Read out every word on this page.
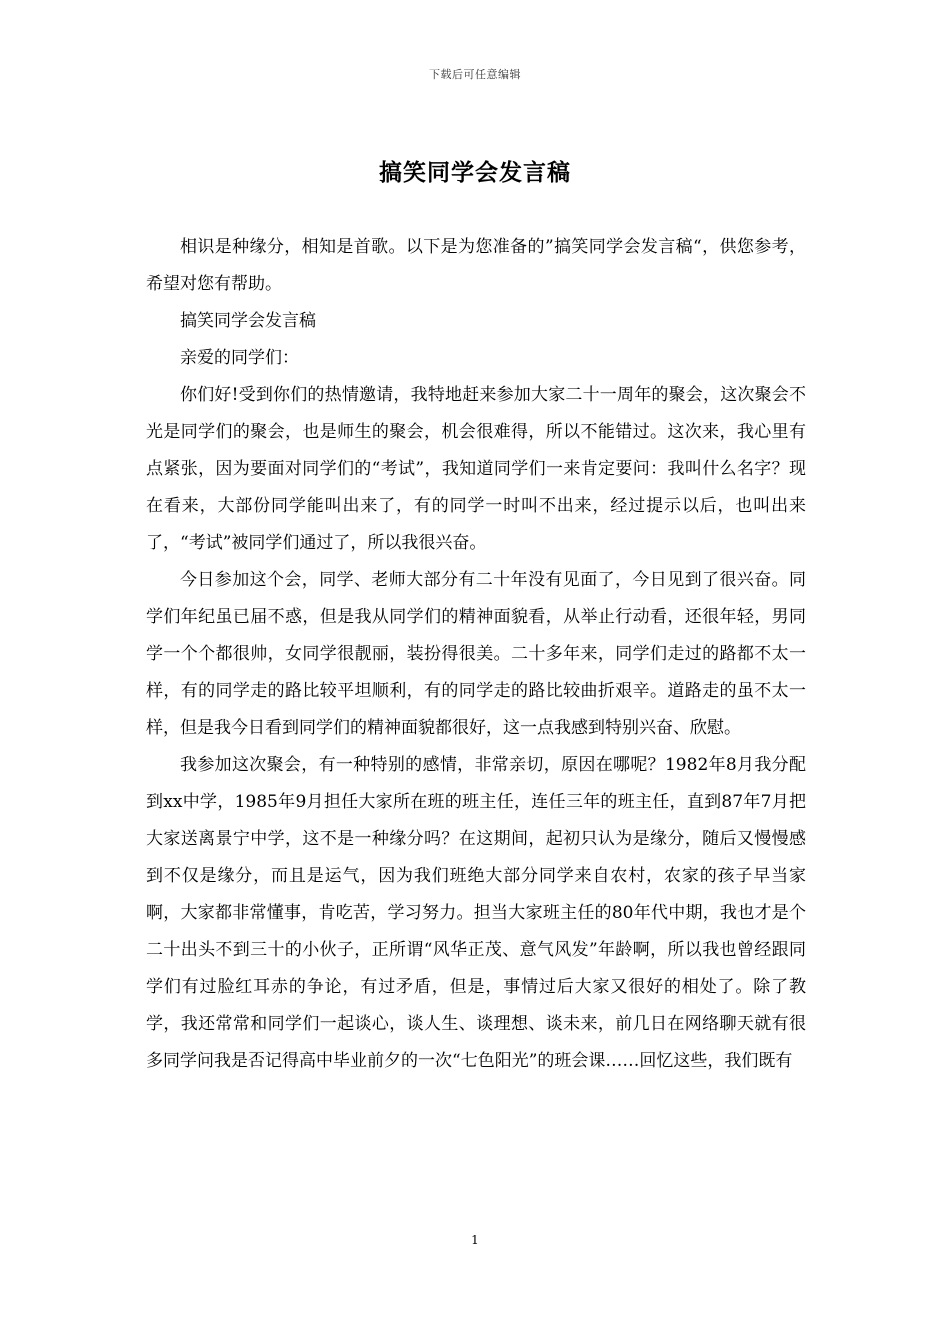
下载后可任意编辑
搞笑同学会发言稿

相识是种缘分，相知是首歌。以下是为您准备的”搞笑同学会发言稿“，供您参考，希望对您有帮助。

搞笑同学会发言稿

亲爱的同学们：

你们好!受到你们的热情邀请，我特地赶来参加大家二十一周年的聚会，这次聚会不光是同学们的聚会，也是师生的聚会，机会很难得，所以不能错过。这次来，我心里有点紧张，因为要面对同学们的“考试”，我知道同学们一来肯定要问：我叫什么名字？现在看来，大部份同学能叫出来了，有的同学一时叫不出来，经过提示以后，也叫出来了，“考试”被同学们通过了，所以我很兴奋。

今日参加这个会，同学、老师大部分有二十年没有见面了，今日见到了很兴奋。同学们年纪虽已届不惑，但是我从同学们的精神面貌看，从举止行动看，还很年轻，男同学一个个都很帅，女同学很靓丽，装扮得很美。二十多年来，同学们走过的路都不太一样，有的同学走的路比较平坦顺利，有的同学走的路比较曲折艰辛。道路走的虽不太一样，但是我今日看到同学们的精神面貌都很好，这一点我感到特别兴奋、欣慰。

我参加这次聚会，有一种特别的感情，非常亲切，原因在哪呢？1982年8月我分配到xx中学，1985年9月担任大家所在班的班主任，连任三年的班主任，直到87年7月把大家送离景宁中学，这不是一种缘分吗？在这期间，起初只认为是缘分，随后又慢慢感到不仅是缘分，而且是运气，因为我们班绝大部分同学来自农村，农家的孩子早当家啊，大家都非常懂事，肯吃苦，学习努力。担当大家班主任的80年代中期，我也才是个二十出头不到三十的小伙子，正所谓“风华正茂、意气风发”年龄啊，所以我也曾经跟同学们有过脸红耳赤的争论，有过矛盾，但是，事情过后大家又很好的相处了。除了教学，我还常常和同学们一起谈心，谈人生、谈理想、谈未来，前几日在网络聊天就有很多同学问我是否记得高中毕业前夕的一次“七色阳光”的班会课……回忆这些，我们既有

1
